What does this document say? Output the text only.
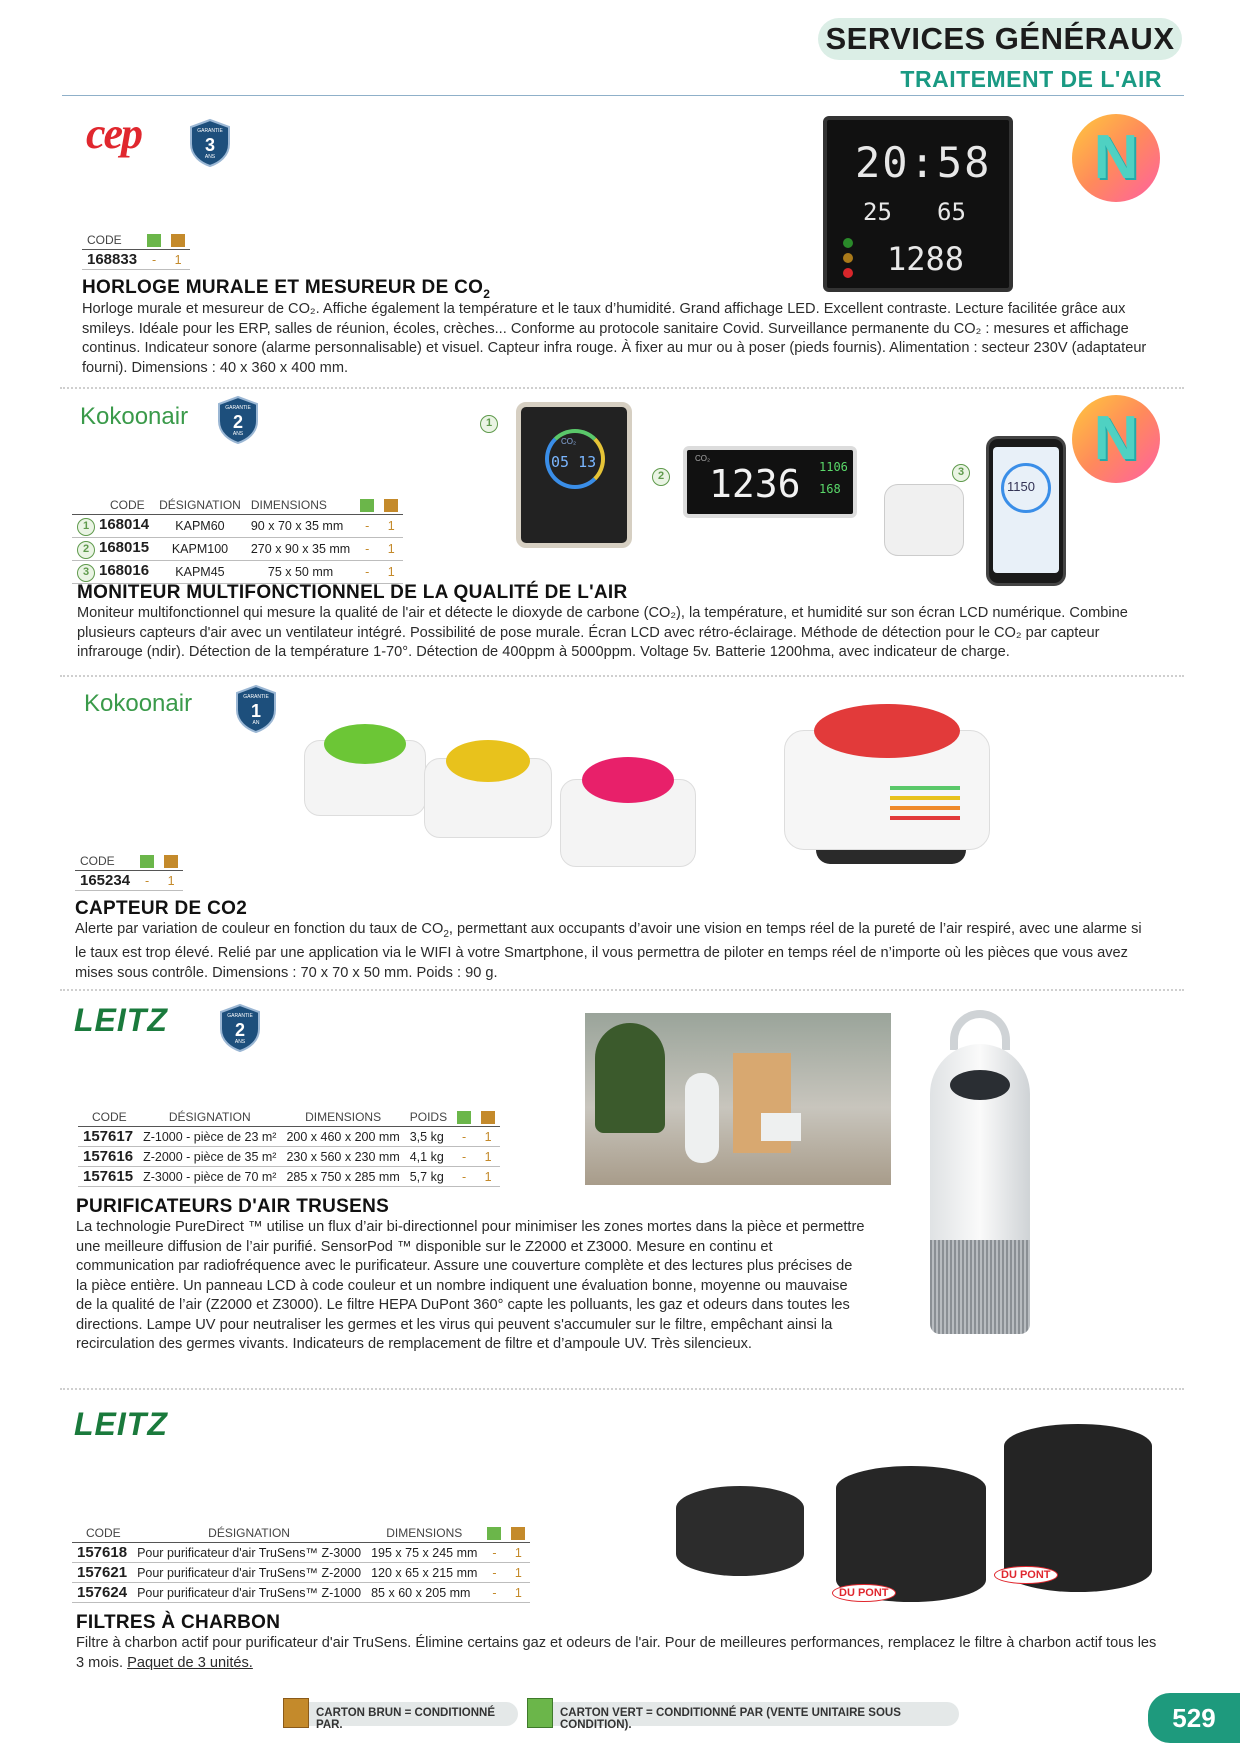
SERVICES GÉNÉRAUX
TRAITEMENT DE L'AIR
cep	GARANTIE
3
ANS
CODE		
168833	-	1
20:58
25 65
1288
N
HORLOGE MURALE ET MESUREUR DE $CO_2$
Horloge murale et mesureur de CO₂. Affiche également la température et le taux d’humidité. Grand affichage LED. Excellent contraste. Lecture facilitée grâce aux smileys. Idéale pour les ERP, salles de réunion, écoles, crèches... Conforme au protocole sanitaire Covid. Surveillance permanente du CO₂ : mesures et affichage continus. Indicateur sonore (alarme personnalisable) et visuel. Capteur infra rouge. À fixer au mur ou à poser (pieds fournis). Alimentation : secteur 230V (adaptateur fourni). Dimensions : 40 x 360 x 400 mm.
Kokoonair	GARANTIE
2
ANS
CODE	DÉSIGNATION	DIMENSIONS		
1 168014	KAPM60	90 x 70 x 35 mm	-	1
2 168015	KAPM100	270 x 90 x 35 mm	-	1
3 168016	KAPM45	75 x 50 mm	-	1
1
CO₂
05 13
2
CO₂
1236 1106
168
3
1150
N
MONITEUR MULTIFONCTIONNEL DE LA QUALITÉ DE L'AIR
Moniteur multifonctionnel qui mesure la qualité de l'air et détecte le dioxyde de carbone (CO₂), la température, et humidité sur son écran LCD numérique. Combine plusieurs capteurs d'air avec un ventilateur intégré. Possibilité de pose murale. Écran LCD avec rétro-éclairage. Méthode de détection pour le CO₂ par capteur infrarouge (ndir). Détection de la température 1-70°. Détection de 400ppm à 5000ppm. Voltage 5v. Batterie 1200hma, avec indicateur de charge.
Kokoonair	GARANTIE
1
AN
CODE		
165234	-	1
CAPTEUR DE CO2
Alerte par variation de couleur en fonction du taux de $CO_2$, permettant aux occupants d’avoir une vision en temps réel de la pureté de l’air respiré, avec une alarme si le taux est trop élevé. Relié par une application via le WIFI à votre Smartphone, il vous permettra de piloter en temps réel de n’importe où les pièces que vous avez mises sous contrôle. Dimensions : 70 x 70 x 50 mm. Poids : 90 g.
LEITZ	GARANTIE
2
ANS
CODE	DÉSIGNATION	DIMENSIONS	POIDS		
157617	Z-1000 - pièce de 23 m²	200 x 460 x 200 mm	3,5 kg	-	1
157616	Z-2000 - pièce de 35 m²	230 x 560 x 230 mm	4,1 kg	-	1
157615	Z-3000 - pièce de 70 m²	285 x 750 x 285 mm	5,7 kg	-	1
PURIFICATEURS D'AIR TRUSENS
La technologie PureDirect ™ utilise un flux d’air bi-directionnel pour minimiser les zones mortes dans la pièce et permettre une meilleure diffusion de l’air purifié. SensorPod ™ disponible sur le Z2000 et Z3000. Mesure en continu et communication par radiofréquence avec le purificateur. Assure une couverture complète et des lectures plus précises de la pièce entière. Un panneau LCD à code couleur et un nombre indiquent une évaluation bonne, moyenne ou mauvaise de la qualité de l’air (Z2000 et Z3000). Le filtre HEPA DuPont 360° capte les polluants, les gaz et odeurs dans toutes les directions. Lampe UV pour neutraliser les germes et les virus qui peuvent s'accumuler sur le filtre, empêchant ainsi la recirculation des germes vivants. Indicateurs de remplacement de filtre et d’ampoule UV. Très silencieux.
LEITZ
CODE	DÉSIGNATION	DIMENSIONS		
157618	Pour purificateur d'air TruSens™ Z-3000	195 x 75 x 245 mm	-	1
157621	Pour purificateur d'air TruSens™ Z-2000	120 x 65 x 215 mm	-	1
157624	Pour purificateur d'air TruSens™ Z-1000	85 x 60 x 205 mm	-	1	DU PONT
DU PONT
FILTRES À CHARBON
Filtre à charbon actif pour purificateur d'air TruSens. Élimine certains gaz et odeurs de l'air. Pour de meilleures performances, remplacez le filtre à charbon actif tous les 3 mois. Paquet de 3 unités.
CARTON BRUN = CONDITIONNÉ PAR.
CARTON VERT = CONDITIONNÉ PAR (VENTE UNITAIRE SOUS CONDITION).	529
